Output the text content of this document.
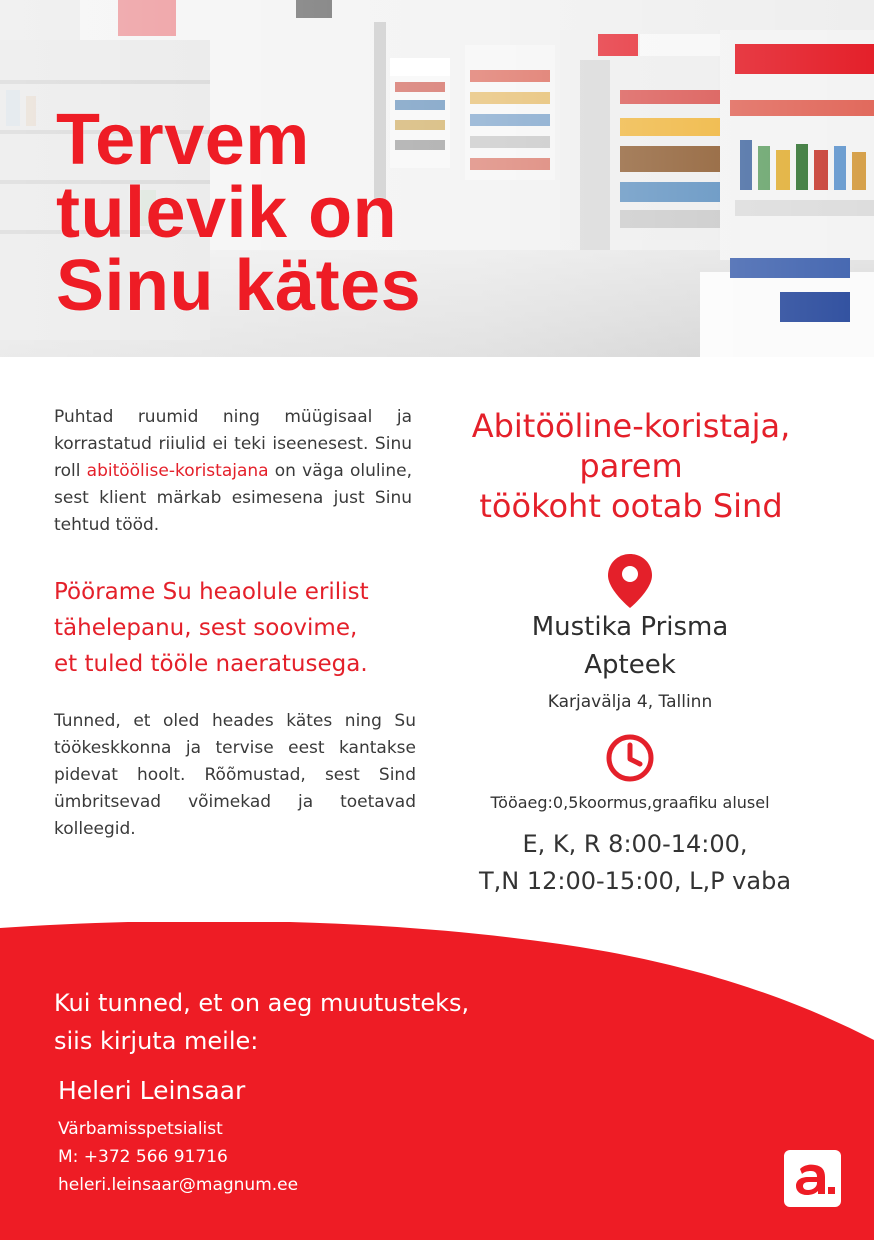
Tervem
tulevik on
Sinu kätes

Puhtad ruumid ning müügisaal ja korrastatud riiulid ei teki iseenesest. Sinu roll abitöölise-koristajana on väga oluline, sest klient märkab esimesena just Sinu tehtud tööd.

Pöörame Su heaolule erilist
tähelepanu, sest soovime,
et tuled tööle naeratusega.

Tunned, et oled heades kätes ning Su töökeskkonna ja tervise eest kantakse pidevat hoolt. Rõõmustad, sest Sind ümbritsevad võimekad ja toetavad kolleegid.

Abitööline-koristaja,
parem
töökoht ootab Sind
Mustika Prisma
Apteek
Karjavälja 4, Tallinn
Tööaeg:0,5koormus,graafiku alusel
E, K, R 8:00-14:00,
T,N 12:00-15:00, L,P vaba

Kui tunned, et on aeg muutusteks,
siis kirjuta meile:

Heleri Leinsaar
Värbamisspetsialist
M: +372 566 91716
heleri.leinsaar@magnum.ee
